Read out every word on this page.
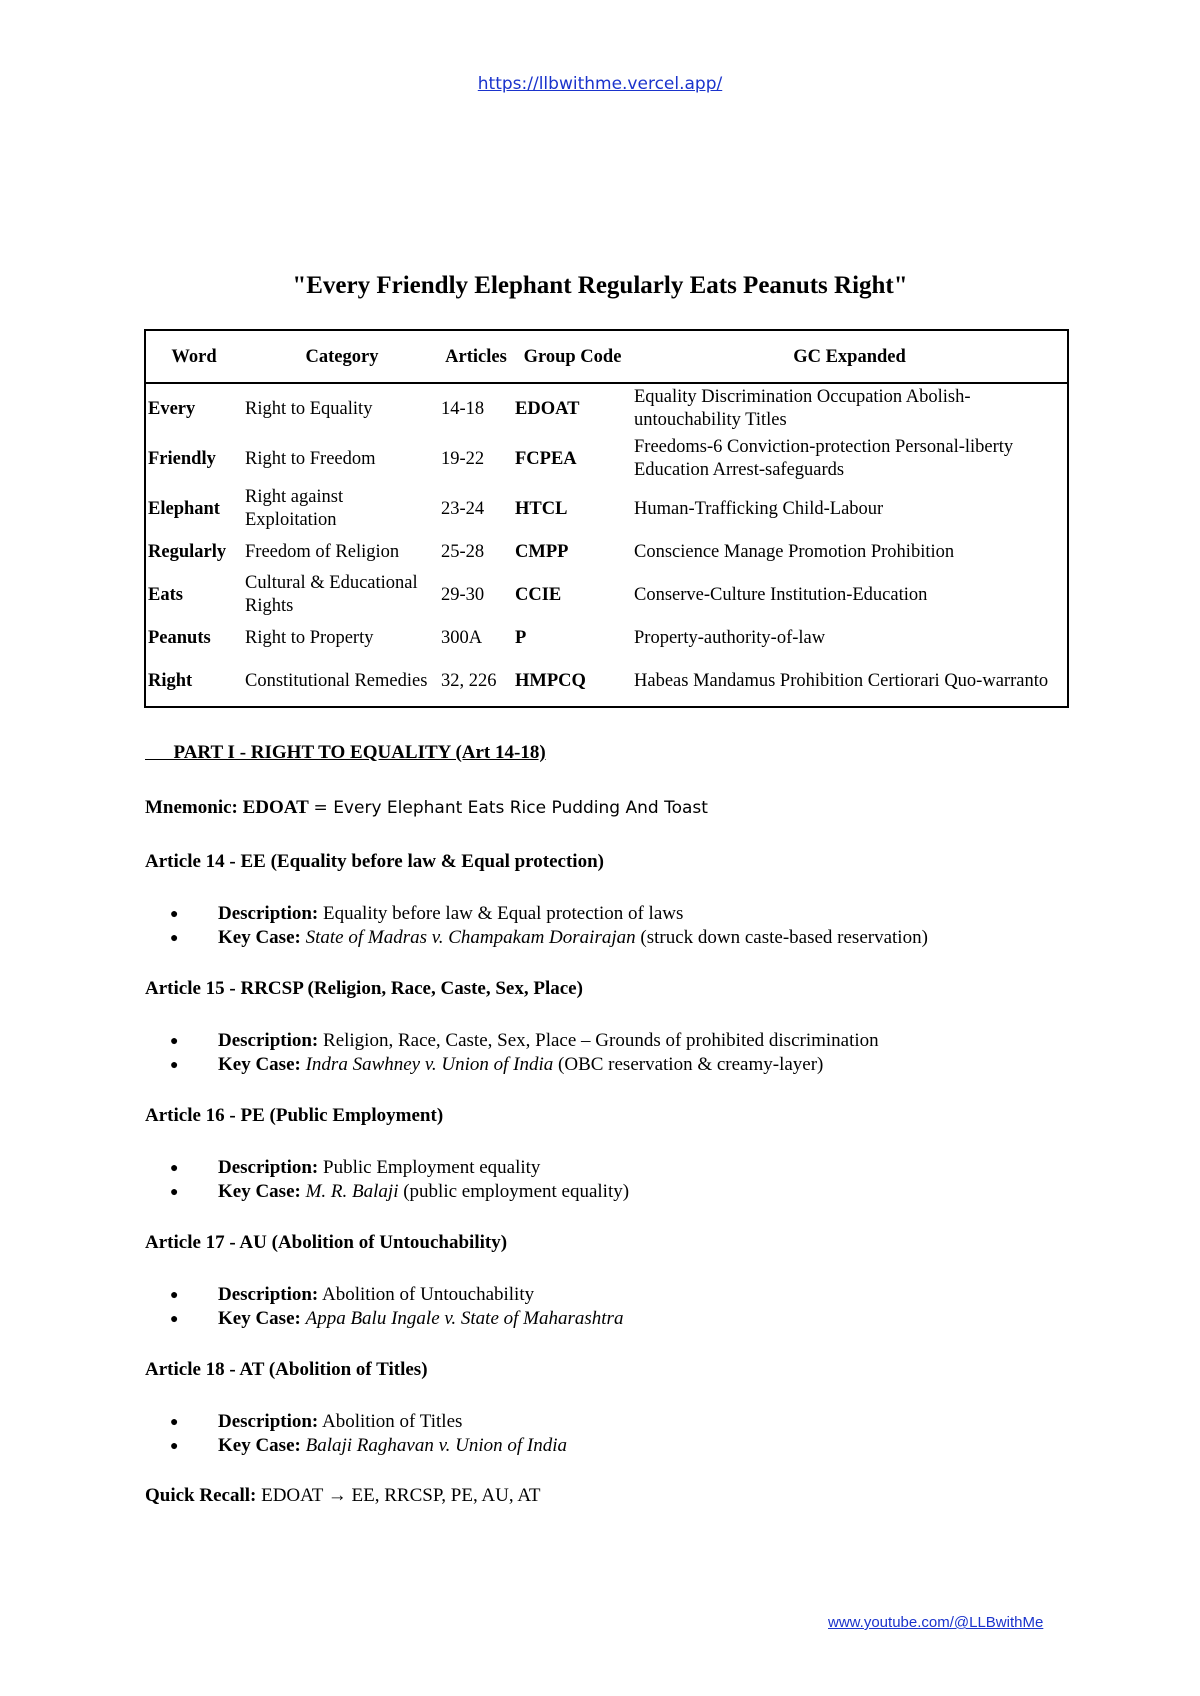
https://llbwithme.vercel.app/
"Every Friendly Elephant Regularly Eats Peanuts Right"
Word	Category	Articles	Group Code	GC Expanded
Every	Right to Equality	14-18	EDOAT	Equality Discrimination Occupation Abolish-untouchability Titles
Friendly	Right to Freedom	19-22	FCPEA	Freedoms-6 Conviction-protection Personal-liberty Education Arrest-safeguards
Elephant	Right against Exploitation	23-24	HTCL	Human-Trafficking Child-Labour
Regularly	Freedom of Religion	25-28	CMPP	Conscience Manage Promotion Prohibition
Eats	Cultural & Educational Rights	29-30	CCIE	Conserve-Culture Institution-Education
Peanuts	Right to Property	300A	P	Property-authority-of-law
Right	Constitutional Remedies	32, 226	HMPCQ	Habeas Mandamus Prohibition Certiorari Quo-warranto
PART I - RIGHT TO EQUALITY (Art 14-18)
Mnemonic: EDOAT = Every Elephant Eats Rice Pudding And Toast
Article 14 - EE (Equality before law & Equal protection)
● Description: Equality before law & Equal protection of laws
● Key Case: State of Madras v. Champakam Dorairajan (struck down caste-based reservation)
Article 15 - RRCSP (Religion, Race, Caste, Sex, Place)
● Description: Religion, Race, Caste, Sex, Place – Grounds of prohibited discrimination
● Key Case: Indra Sawhney v. Union of India (OBC reservation & creamy-layer)
Article 16 - PE (Public Employment)
● Description: Public Employment equality
● Key Case: M. R. Balaji (public employment equality)
Article 17 - AU (Abolition of Untouchability)
● Description: Abolition of Untouchability
● Key Case: Appa Balu Ingale v. State of Maharashtra
Article 18 - AT (Abolition of Titles)
● Description: Abolition of Titles
● Key Case: Balaji Raghavan v. Union of India
Quick Recall: EDOAT → EE, RRCSP, PE, AU, AT
www.youtube.com/@LLBwithMe
